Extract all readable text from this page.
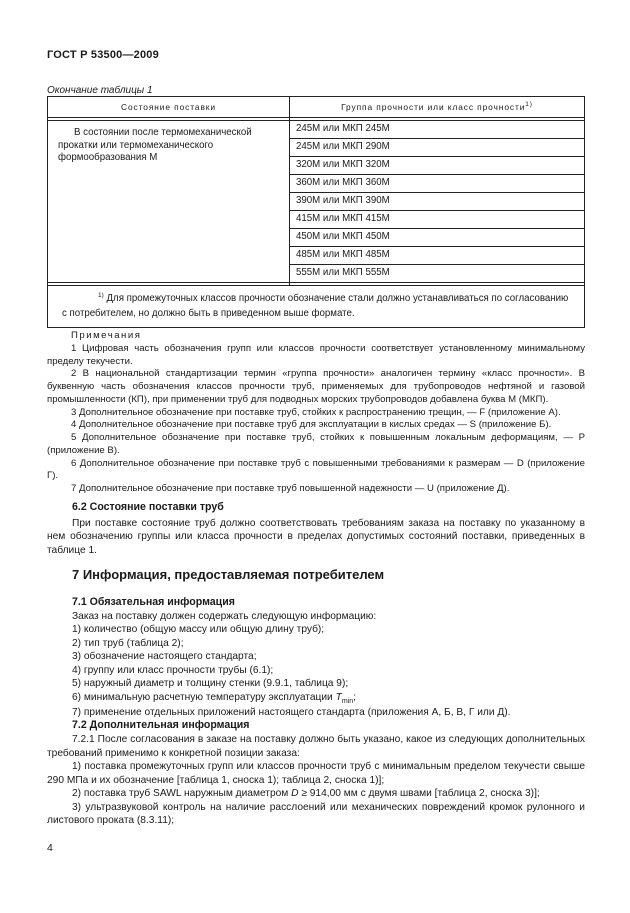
ГОСТ Р 53500—2009
Окончание таблицы 1
Состояние поставки	Группа прочности или класс прочности$^{1)}$

В состоянии после термомеханической прокатки или термомеханического формообразования М	245M или МКП 245M
	245M или МКП 290M
	320M или МКП 320M
	360M или МКП 360M
	390M или МКП 390M
	415M или МКП 415M
	450M или МКП 450M
	485M или МКП 485M
	555M или МКП 555M

$^{1)}$ Для промежуточных классов прочности обозначение стали должно устанавливаться по согласованию с потребителем, но должно быть в приведенном выше формате.	

Примечания

1 Цифровая часть обозначения групп или классов прочности соответствует установленному минимальному пределу текучести.

2 В национальной стандартизации термин «группа прочности» аналогичен термину «класс прочности». В буквенную часть обозначения классов прочности труб, применяемых для трубопроводов нефтяной и газовой промышленности (КП), при применении труб для подводных морских трубопроводов добавлена буква М (МКП).

3 Дополнительное обозначение при поставке труб, стойких к распространению трещин, — F (приложение А).

4 Дополнительное обозначение при поставке труб для эксплуатации в кислых средах — S (приложение Б).

5 Дополнительное обозначение при поставке труб, стойких к повышенным локальным деформациям, — Р (приложение В).

6 Дополнительное обозначение при поставке труб с повышенными требованиями к размерам — D (приложение Г).

7 Дополнительное обозначение при поставке труб повышенной надежности — U (приложение Д).

6.2 Состояние поставки труб

При поставке состояние труб должно соответствовать требованиям заказа на поставку по указанному в нем обозначению группы или класса прочности в пределах допустимых состояний поставки, приведенных в таблице 1.

7 Информация, предоставляемая потребителем
7.1 Обязательная информация

Заказ на поставку должен содержать следующую информацию:

1) количество (общую массу или общую длину труб);

2) тип труб (таблица 2);

3) обозначение настоящего стандарта;

4) группу или класс прочности трубы (6.1);

5) наружный диаметр и толщину стенки (9.9.1, таблица 9);

6) минимальную расчетную температуру эксплуатации $T_{min}$;

7) применение отдельных приложений настоящего стандарта (приложения А, Б, В, Г или Д).

7.2 Дополнительная информация

7.2.1 После согласования в заказе на поставку должно быть указано, какое из следующих дополнительных требований применимо к конкретной позиции заказа:

1) поставка промежуточных групп или классов прочности труб с минимальным пределом текучести свыше 290 МПа и их обозначение [таблица 1, сноска 1); таблица 2, сноска 1)];

2) поставка труб SAWL наружным диаметром D ≥ 914,00 мм с двумя швами [таблица 2, сноска 3)];

3) ультразвуковой контроль на наличие расслоений или механических повреждений кромок рулонного и листового проката (8.3.11);

4
